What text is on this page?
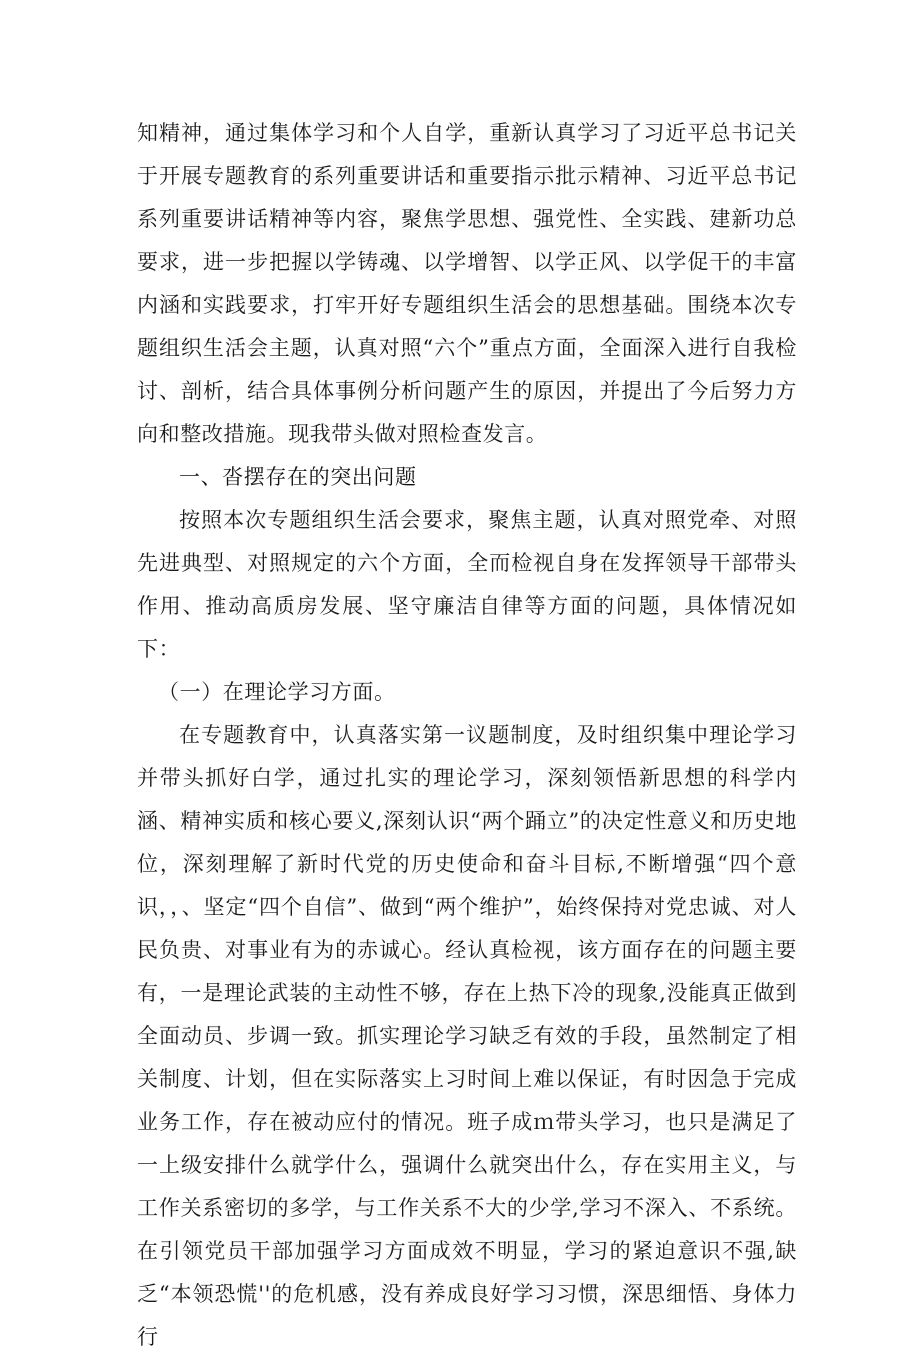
知精神，通过集体学习和个人自学，重新认真学习了习近平总书记关于开展专题教育的系列重要讲话和重要指示批示精神、习近平总书记系列重要讲话精神等内容，聚焦学思想、强党性、全实践、建新功总要求，进一步把握以学铸魂、以学增智、以学正风、以学促干的丰富内涵和实践要求，打牢开好专题组织生活会的思想基础。围绕本次专题组织生活会主题，认真对照“六个”重点方面，全面深入进行自我检讨、剖析，结合具体事例分析问题产生的原因，并提出了今后努力方向和整改措施。现我带头做对照检查发言。

一、沓摆存在的突出问题

按照本次专题组织生活会要求，聚焦主题，认真对照党牵、对照先进典型、对照规定的六个方面，全而检视自身在发挥领导干部带头作用、推动高质房发展、坚守廉洁自律等方面的问题，具体情况如下：

（一）在理论学习方面。

在专题教育中，认真落实第一议题制度，及时组织集中理论学习并带头抓好白学，通过扎实的理论学习，深刻领悟新思想的科学内涵、精神实质和核心要义,深刻认识“两个踊立”的决定性意义和历史地位，深刻理解了新时代党的历史使命和奋斗目标,不断增强“四个意识，，、坚定“四个自信”、做到“两个维护”，始终保持对党忠诚、对人民负贵、对事业有为的赤诚心。经认真检视，该方面存在的问题主要有，一是理论武装的主动性不够，存在上热下冷的现象,没能真正做到全面动员、步调一致。抓实理论学习缺乏有效的手段，虽然制定了相关制度、计划，但在实际落实上习时间上难以保证，有时因急于完成业务工作，存在被动应付的情况。班子成ｍ带头学习，也只是满足了一上级安排什么就学什么，强调什么就突出什么，存在实用主义，与工作关系密切的多学，与工作关系不大的少学,学习不深入、不系统。在引领党员干部加强学习方面成效不明显，学习的紧迫意识不强,缺乏“本领恐慌''的危机感，没有养成良好学习习惯，深思细悟、身体力行
